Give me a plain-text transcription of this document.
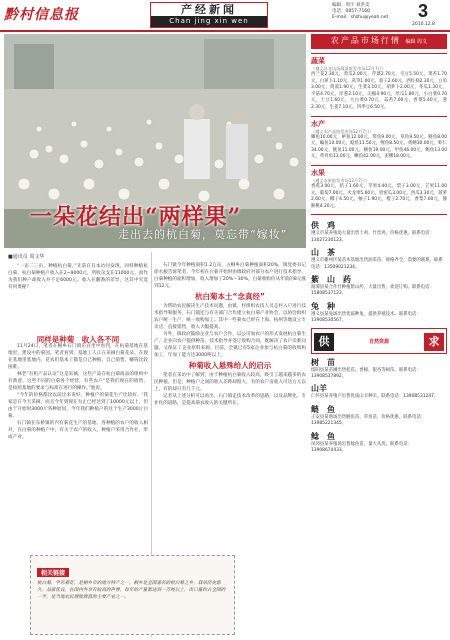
黔村信息报	产经新闻
Chan jing xin wen
编辑：周宇 刘洪美
电话：0857-7160
E-mail：shzhu@yeah.net	3
2010.12.8
一朵花结出“两样果”
走出去的杭白菊，莫忘带“嫁妆”
■通讯员 周文华

“一亩二三亩，种植杭白菊。”先前在日本访问发现，同样种植杭白菊，杭白菊种植户收入在2~9000元，所收杂支在11000元。而作为我们种户却收入并不足6000元。收入在翻番的差异，这其中究竟有何奥秘？

同样是种菊　收入各不同

11月24日，笔者在桐乡石门镇东宫坐中看到，在杭菊基地在基地里，建设中的菊园，笔者看到，基地工人正在采摘白菊花朵。在现在基地里基地内，花农们基本上都是自己种植、自己销售，赚钱比较困难。

林老”有机产品认证”这是采摘，这些产品在杭白菊商品的组织中有新意，这些不同的白菊各个经营，有些农户“是我们现在的销售，是按照基地的要求与标准在进行的操作。”他说。

“今年的价格都比以前比来说好。种植户的菊花生产比较好，‘我家是在今天采摘，而且今年到现在为止已经达到了10000元以上，但由于开始时3000斤各种原因，今年我们种植户的这个生产3000斤白菊。

石门镇在东桥镇的内有菊花生产的基地，各种植的农户的收入相对，在白菊的种植户中，有关于农户的收入，种植户采用合作社，形成产业。

石门镇今年种植面积1.2万亩，占桐乡白菊种植面积20%，镇党委书记徐水根告诉笔者，今年初在白菊开始时由镇政府对部分农户进行技术指导，白菊种植的面积增加，收入增加了20%～30%，白菊收购价从年前的8元涨到12元。

杭白菊本土“念真经”

为帮助农民解决生产技术问题，由镇、村组织农技人员走村入户进行技术指导和服务，石门镇还与有关部门合作建立杭白菊产业协会，以协会组织农户统一生产，统一收购加工。其中一些菊农已经在上海、杭州等地设立专卖店，直接销售，收入大幅提高。

另外，镇政府鼓励企业与农户合作，以公司加农户的形式发展杭白菊生产，企业向农户提供种苗、技术指导并签订收购合同，既解决了农户卖难问题，又保证了企业原料来源。目前，全镇已有5家企业参与杭白菊的收购和加工，年加工能力达3000吨以上。

种菊收入悬殊给人的启示

笔者在采访中了解到，由于种植杭白菊收入较高，吸引了越来越多的农民种植。但是，种植户之间的收入差距却很大，有的农户亩收入可达万元以上，有的却只有几千元。

记者从上述分析可以看出，石门镇走技术改革的思路，以及品牌化、专业化的道路，是提高菊农收入的关键所在。

相关链接
杭白菊，学名菊花，是桐乡市的地方特产之一。桐乡是全国著名的杭白菊之乡，栽培历史悠久，品质优良，在国内外享有较高的声誉，每年的产量都达到一万吨以上，出口量约占全国的一半，是当地农民增收致富的主要产业之一。
农产品市场行情 编辑 周文
蔬菜
（遵义县龙坑场蔬菜批发市场12月7日）
西兰花2.30元，黄瓜2.00元，芹菜2.70元，毛豆5.50元，菜苔1.70元，白萝卜1.10元，莴笋1.00元，茄子2.60元，西红柿2.30元，豆角3.00元，茼蒿1.90元，生菜3.10元，胡萝卜2.00元，冬瓜1.30元，平菇4.70元，洋葱2.10元，尖椒4.90元，丝瓜1.80元，小白菜0.70元，土豆1.60元，大白菜0.70元，蒜苔7.00元，香菜5.40元，葱2.30元，生姜7.10元，四季豆6.50元。
水产
（遵义水产品批发市场12月7日）
鲫鱼10.00元，鲈鱼12.00元，带鱼9.00元，草鱼9.50元，鲢鱼8.00元，鳊鱼10.00元，鲶鱼11.50元，鲤鱼8.50元，黄鳝30.00元，虾仁34.00元，鱿鱼11.00元，鳝鱼19.00元，甲鱼46.00元，鲍鱼13.00元，黄骨鱼13.00元，鳜鱼42.00元，泥鳅18.00元。
水果
（遵义水果批发市场12月7日）
香蕉3.00元，桔子1.60元，苹果4.40元，梨子3.00元，芒果11.00元，葡萄7.00元，火龙果5.60元，哈密瓜3.00元，西瓜3.30元，菠萝2.60元，椰子4.50元，柚子1.90元，橙子2.70元，香梨7.00元，猕猴桃4.20元。
供　鸡
遵义市某养殖场大量出售土鸡、竹丝鸡，价格优惠。联系电话：13027230123。
山　茶
遵义市播州区某苗木基地出售油茶苗，规格齐全，需要的联系。联系电话：13509021234。
紫　山　药
湄潭县某合作社种植紫山药，大量出售，欢迎订购。联系电话：15808537123。
兔　种
遵义县某兔场出售优质种兔，提供养殖技术。联系电话：13908530567。
供	自然资源	求
树　苗
绥阳县某苗圃出售桂花、香樟、银杏等树苗。联系电话：13908537892。
山羊
仁怀县某养殖户出售优质山羊种羊。联系电话：13908531247。
鲢　鱼
正安县某渔场出售鲢鱼苗、草鱼苗，价格优惠。联系电话：13985221345。
鲶　鱼
凤冈县某养殖场出售鲶鱼苗，量大从优。联系电话：13908674433。
